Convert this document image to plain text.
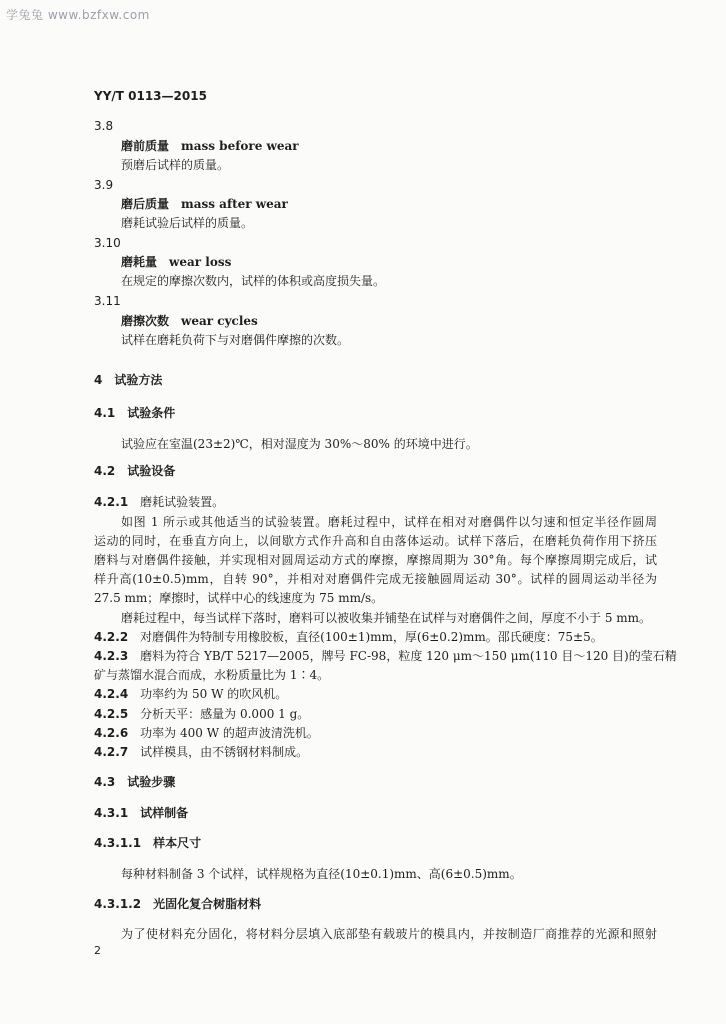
学兔兔 www.bzfxw.com
YY/T 0113—2015
3.8
磨前质量 mass before wear
预磨后试样的质量。
3.9
磨后质量 mass after wear
磨耗试验后试样的质量。
3.10
磨耗量 wear loss
在规定的摩擦次数内，试样的体积或高度损失量。
3.11
磨擦次数 wear cycles
试样在磨耗负荷下与对磨偶件摩擦的次数。
4 试验方法
4.1 试验条件
试验应在室温(23±2)℃，相对湿度为 30%～80% 的环境中进行。
4.2 试验设备
4.2.1 磨耗试验装置。
如图 1 所示或其他适当的试验装置。磨耗过程中，试样在相对对磨偶件以匀速和恒定半径作圆周
运动的同时，在垂直方向上，以间歇方式作升高和自由落体运动。试样下落后，在磨耗负荷作用下挤压
磨料与对磨偶件接触，并实现相对圆周运动方式的摩擦，摩擦周期为 30°角。每个摩擦周期完成后，试
样升高(10±0.5)mm，自转 90°，并相对对磨偶件完成无接触圆周运动 30°。试样的圆周运动半径为
27.5 mm；摩擦时，试样中心的线速度为 75 mm/s。
磨耗过程中，每当试样下落时，磨料可以被收集并铺垫在试样与对磨偶件之间，厚度不小于 5 mm。
4.2.2 对磨偶件为特制专用橡胶板，直径(100±1)mm，厚(6±0.2)mm。邵氏硬度：75±5。
4.2.3 磨料为符合 YB/T 5217—2005，牌号 FC-98，粒度 120 μm～150 μm(110 目～120 目)的莹石精
矿与蒸馏水混合而成，水粉质量比为 1∶4。
4.2.4 功率约为 50 W 的吹风机。
4.2.5 分析天平：感量为 0.000 1 g。
4.2.6 功率为 400 W 的超声波清洗机。
4.2.7 试样模具，由不锈钢材料制成。
4.3 试验步骤
4.3.1 试样制备
4.3.1.1 样本尺寸
每种材料制备 3 个试样，试样规格为直径(10±0.1)mm、高(6±0.5)mm。
4.3.1.2 光固化复合树脂材料
为了使材料充分固化，将材料分层填入底部垫有载玻片的模具内，并按制造厂商推荐的光源和照射
2
